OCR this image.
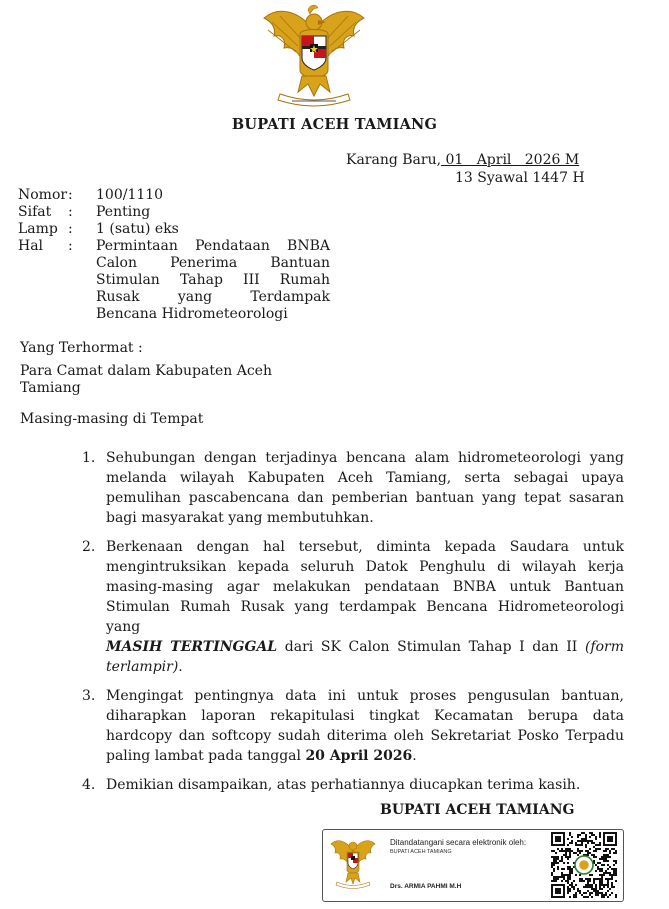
BUPATI ACEH TAMIANG
Karang Baru, 01   April   2026 M
13 Syawal 1447 H
Nomor :	100/1110
Sifat	:	Penting
Lamp :	1 (satu) eks
Hal	:	Permintaan Pendataan BNBA
Calon Penerima Bantuan
Stimulan Tahap III Rumah
Rusak yang Terdampak
Bencana Hidrometeorologi
Yang Terhormat :
Para Camat dalam Kabupaten Aceh
Tamiang
Masing-masing di Tempat
1. Sehubungan dengan terjadinya bencana alam hidrometeorologi yang
melanda wilayah Kabupaten Aceh Tamiang, serta sebagai upaya
pemulihan pascabencana dan pemberian bantuan yang tepat sasaran
bagi masyarakat yang membutuhkan.
2. Berkenaan dengan hal tersebut, diminta kepada Saudara untuk
mengintruksikan kepada seluruh Datok Penghulu di wilayah kerja
masing-masing agar melakukan pendataan BNBA untuk Bantuan
Stimulan Rumah Rusak yang terdampak Bencana Hidrometeorologi yang
MASIH TERTINGGAL dari SK Calon Stimulan Tahap I dan II (form
terlampir).
3. Mengingat pentingnya data ini untuk proses pengusulan bantuan,
diharapkan laporan rekapitulasi tingkat Kecamatan berupa data
hardcopy dan softcopy sudah diterima oleh Sekretariat Posko Terpadu
paling lambat pada tanggal 20 April 2026.
4. Demikian disampaikan, atas perhatiannya diucapkan terima kasih.
BUPATI ACEH TAMIANG
Ditandatangani secara elektronik oleh:
BUPATI ACEH TAMIANG
Drs. ARMIA PAHMI M.H
